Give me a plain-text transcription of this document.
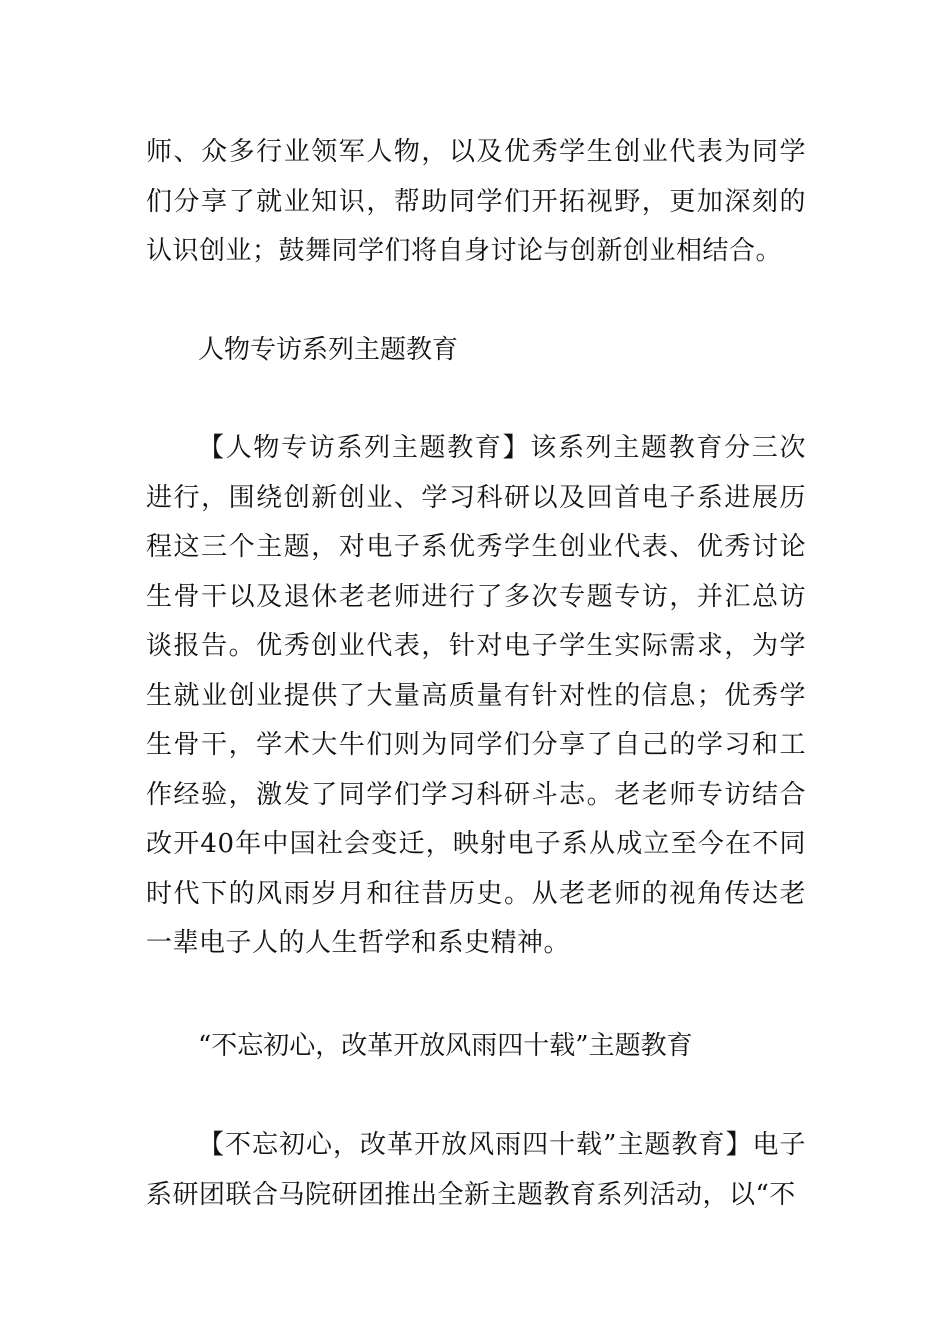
师、众多行业领军人物，以及优秀学生创业代表为同学们分享了就业知识，帮助同学们开拓视野，更加深刻的认识创业；鼓舞同学们将自身讨论与创新创业相结合。

人物专访系列主题教育

【人物专访系列主题教育】该系列主题教育分三次进行，围绕创新创业、学习科研以及回首电子系进展历程这三个主题，对电子系优秀学生创业代表、优秀讨论生骨干以及退休老老师进行了多次专题专访，并汇总访谈报告。优秀创业代表，针对电子学生实际需求，为学生就业创业提供了大量高质量有针对性的信息；优秀学生骨干，学术大牛们则为同学们分享了自己的学习和工作经验，激发了同学们学习科研斗志。老老师专访结合改开40年中国社会变迁，映射电子系从成立至今在不同时代下的风雨岁月和往昔历史。从老老师的视角传达老一辈电子人的人生哲学和系史精神。

“不忘初心，改革开放风雨四十载”主题教育

【不忘初心，改革开放风雨四十载”主题教育】电子系研团联合马院研团推出全新主题教育系列活动，以“不
